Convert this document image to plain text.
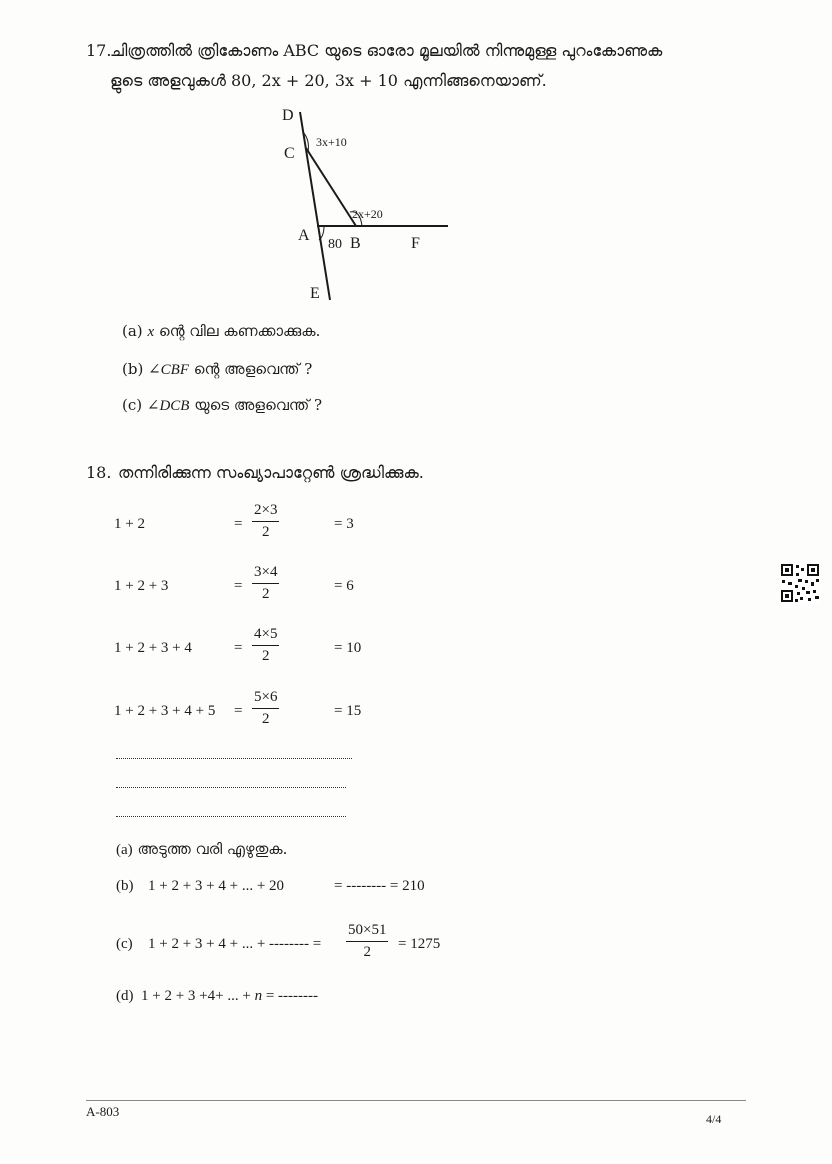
17.
ചിത്രത്തിൽ ത്രികോണം ABC യുടെ ഓരോ മൂലയിൽ നിന്നുമുള്ള പുറംകോണുക
ളുടെ അളവുകൾ 80, 2x + 20, 3x + 10 എന്നിങ്ങനെയാണ്.
D
C
A	B	F
E
3x+10
2x+20
80
(a) x ന്റെ വില കണക്കാക്കുക.
(b) ∠CBF ന്റെ അളവെന്ത് ?
(c) ∠DCB യുടെ അളവെന്ത് ?
18. തന്നിരിക്കുന്ന സംഖ്യാപാറ്റേൺ ശ്രദ്ധിക്കുക.
1 + 2	= $\frac{2\times 3}{2}$	= 3
1 + 2 + 3	= $\frac{3\times 4}{2}$	= 6
1 + 2 + 3 + 4	= $\frac{4\times 5}{2}$	= 10
$1 + 2 + 3 + 4 + 5 = \frac{5\times 6}{2}$	= 15
(a) അടുത്ത വരി എഴുതുക.
(b) 1 + 2 + 3 + 4 + ... + 20	= -------- = 210
(c) 1 + 2 + 3 + 4 + ... + -------- = $\frac{50\times 51}{2} = 1275$
(d) 1 + 2 + 3 +4+ ... + n = --------
A-803	4/4
